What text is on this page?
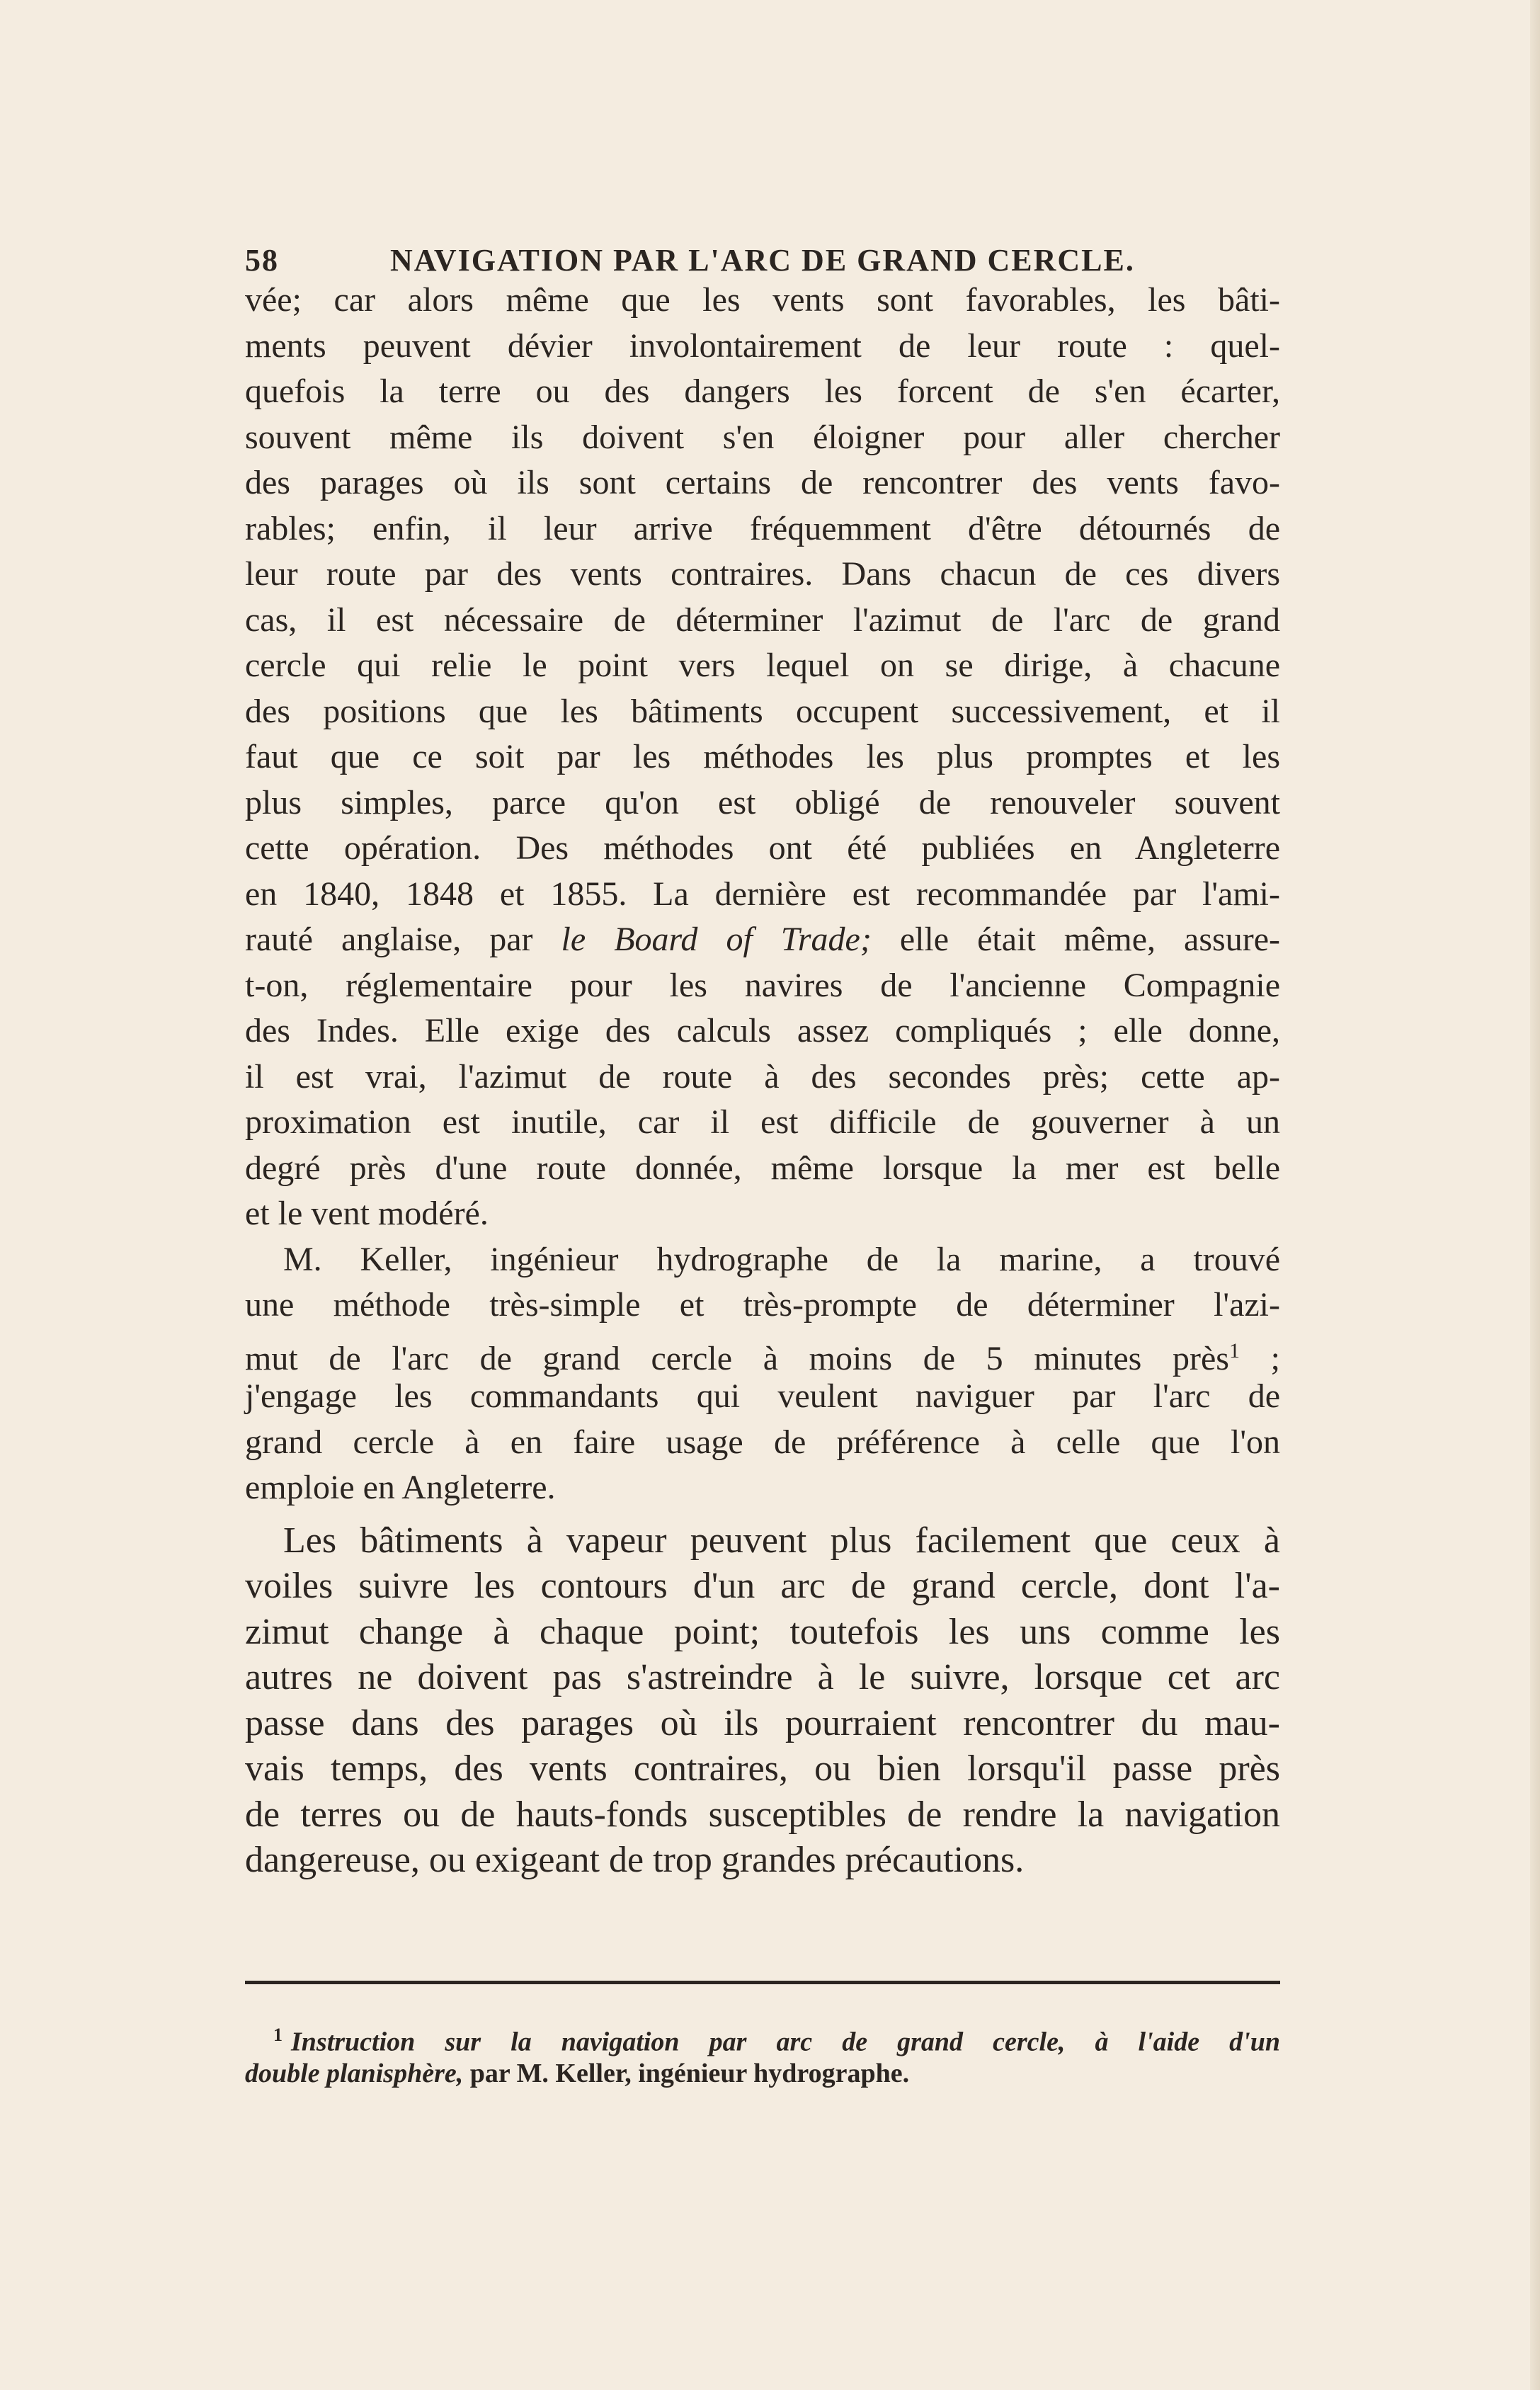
58	NAVIGATION PAR L'ARC DE GRAND CERCLE.
vée; car alors même que les vents sont favorables, les bâti-
ments peuvent dévier involontairement de leur route : quel-
quefois la terre ou des dangers les forcent de s'en écarter,
souvent même ils doivent s'en éloigner pour aller chercher
des parages où ils sont certains de rencontrer des vents favo-
rables; enfin, il leur arrive fréquemment d'être détournés de
leur route par des vents contraires. Dans chacun de ces divers
cas, il est nécessaire de déterminer l'azimut de l'arc de grand
cercle qui relie le point vers lequel on se dirige, à chacune
des positions que les bâtiments occupent successivement, et il
faut que ce soit par les méthodes les plus promptes et les
plus simples, parce qu'on est obligé de renouveler souvent
cette opération. Des méthodes ont été publiées en Angleterre
en 1840, 1848 et 1855. La dernière est recommandée par l'ami-
rauté anglaise, par le Board of Trade; elle était même, assure-
t-on, réglementaire pour les navires de l'ancienne Compagnie
des Indes. Elle exige des calculs assez compliqués ; elle donne,
il est vrai, l'azimut de route à des secondes près; cette ap-
proximation est inutile, car il est difficile de gouverner à un
degré près d'une route donnée, même lorsque la mer est belle
et le vent modéré.
M. Keller, ingénieur hydrographe de la marine, a trouvé
une méthode très-simple et très-prompte de déterminer l'azi-
mut de l'arc de grand cercle à moins de 5 minutes près$^1$ ;
j'engage les commandants qui veulent naviguer par l'arc de
grand cercle à en faire usage de préférence à celle que l'on
emploie en Angleterre.
Les bâtiments à vapeur peuvent plus facilement que ceux à
voiles suivre les contours d'un arc de grand cercle, dont l'a-
zimut change à chaque point; toutefois les uns comme les
autres ne doivent pas s'astreindre à le suivre, lorsque cet arc
passe dans des parages où ils pourraient rencontrer du mau-
vais temps, des vents contraires, ou bien lorsqu'il passe près
de terres ou de hauts-fonds susceptibles de rendre la navigation
dangereuse, ou exigeant de trop grandes précautions.
$^1$ Instruction sur la navigation par arc de grand cercle, à l'aide d'un
double planisphère, par M. Keller, ingénieur hydrographe.
